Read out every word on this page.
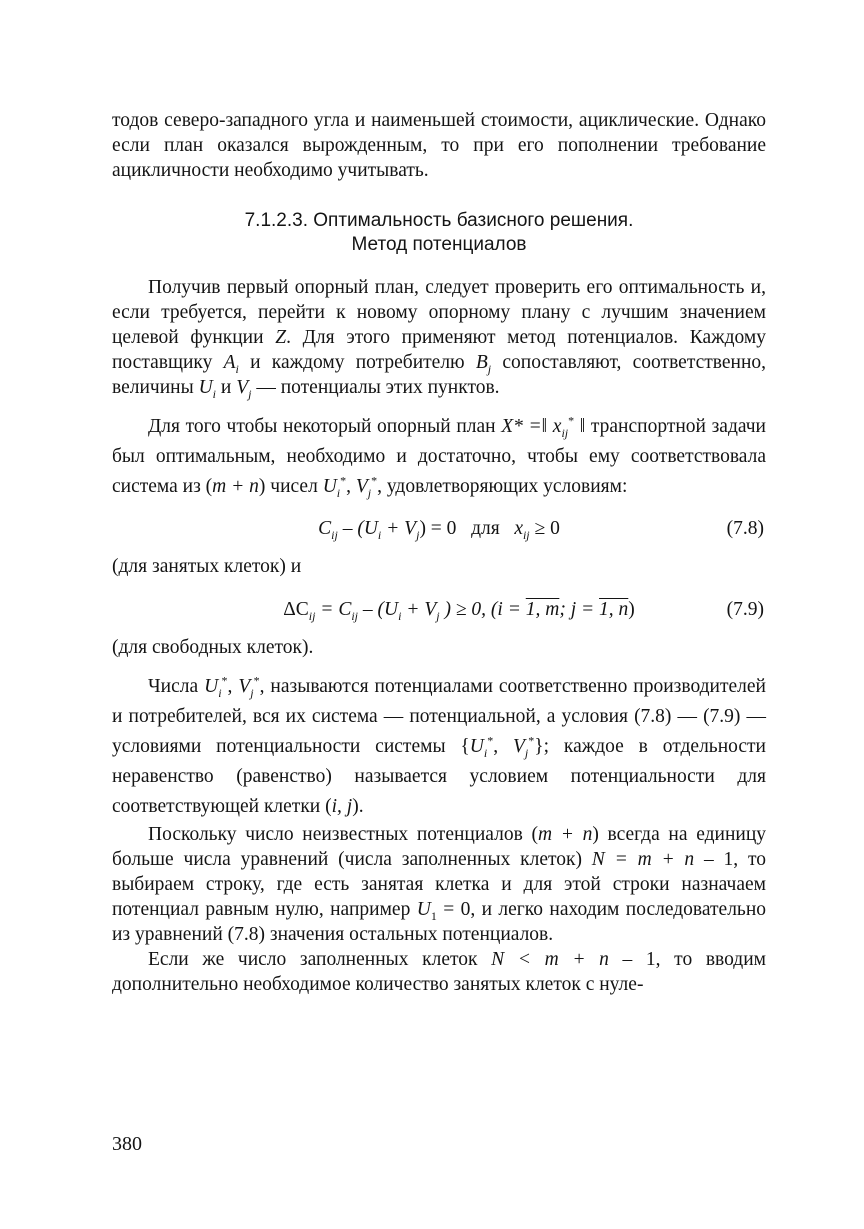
тодов северо-западного угла и наименьшей стоимости, ациклические. Однако если план оказался вырожденным, то при его пополнении требование ацикличности необходимо учитывать.

7.1.2.3. Оптимальность базисного решения.
Метод потенциалов

Получив первый опорный план, следует проверить его оптимальность и, если требуется, перейти к новому опорному плану с лучшим значением целевой функции Z. Для этого применяют метод потенциалов. Каждому поставщику $A_i$ и каждому потребителю $B_j$ сопоставляют, соответственно, величины $U_i$ и $V_j$ — потенциалы этих пунктов.

Для того чтобы некоторый опорный план X* =‖ $x_{ij}^*$ ‖ транспортной задачи был оптимальным, необходимо и достаточно, чтобы ему соответствовала система из (m + n) чисел $U_i^*$, $V_j^*$, удовлетворяющих условиям:

$C_{ij} - (U_i + V_j) = 0$   для   $x_{ij} \ge 0$	(7.8)

(для занятых клеток) и

$\Delta C_{ij} = C_{ij} - (U_i + V_j$ ) ≥ 0, (i = 1, m; j = 1, n)	(7.9)

(для свободных клеток).

Числа $U_i^*$, $V_j^*$, называются потенциалами соответственно производителей и потребителей, вся их система — потенциальной, а условия (7.8) — (7.9) — условиями потенциальности системы {$U_i^*$, $V_j^*$}; каждое в отдельности неравенство (равенство) называется условием потенциальности для соответствующей клетки (i, j).

Поскольку число неизвестных потенциалов (m + n) всегда на единицу больше числа уравнений (числа заполненных клеток) N = m + n – 1, то выбираем строку, где есть занятая клетка и для этой строки назначаем потенциал равным нулю, например $U_1 = 0$, и легко находим последовательно из уравнений (7.8) значения остальных потенциалов.

Если же число заполненных клеток N < m + n – 1, то вводим дополнительно необходимое количество занятых клеток с нуле-

380
